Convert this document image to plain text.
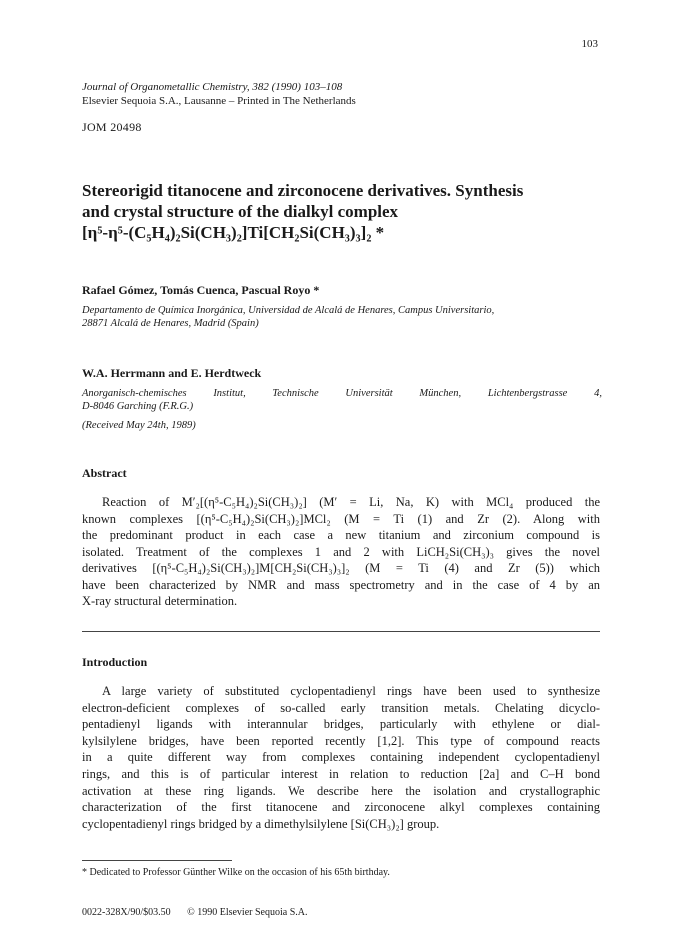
103
Journal of Organometallic Chemistry, 382 (1990) 103–108
Elsevier Sequoia S.A., Lausanne – Printed in The Netherlands
JOM 20498
Stereorigid titanocene and zirconocene derivatives. Synthesis
and crystal structure of the dialkyl complex
[η⁵-η⁵-(C₅H₄)₂Si(CH₃)₂]Ti[CH₂Si(CH₃)₃]₂ *
Rafael Gómez, Tomás Cuenca, Pascual Royo *
Departamento de Química Inorgánica, Universidad de Alcalá de Henares, Campus Universitario,
28871 Alcalá de Henares, Madrid (Spain)
W.A. Herrmann and E. Herdtweck
Anorganisch-chemisches	Institut,	Technische	Universität	München,	Lichtenbergstrasse	4,
D-8046 Garching (F.R.G.)
(Received May 24th, 1989)
Abstract
Reaction of M′₂[(η⁵-C₅H₄)₂Si(CH₃)₂] (M′ = Li, Na, K) with MCl₄ produced the
known complexes [(η⁵-C₅H₄)₂Si(CH₃)₂]MCl₂ (M = Ti (1) and Zr (2). Along with
the predominant product in each case a new titanium and zirconium compound is
isolated. Treatment of the complexes 1 and 2 with LiCH₂Si(CH₃)₃ gives the novel
derivatives [(η⁵-C₅H₄)₂Si(CH₃)₂]M[CH₂Si(CH₃)₃]₂ (M = Ti (4) and Zr (5)) which
have been characterized by NMR and mass spectrometry and in the case of 4 by an
X-ray structural determination.
Introduction
A large variety of substituted cyclopentadienyl rings have been used to synthesize
electron-deficient complexes of so-called early transition metals. Chelating dicyclo-
pentadienyl ligands with interannular bridges, particularly with ethylene or dial-
kylsilylene bridges, have been reported recently [1,2]. This type of compound reacts
in a quite different way from complexes containing independent cyclopentadienyl
rings, and this is of particular interest in relation to reduction [2a] and C–H bond
activation at these ring ligands. We describe here the isolation and crystallographic
characterization of the first titanocene and zirconocene alkyl complexes containing
cyclopentadienyl rings bridged by a dimethylsilylene [Si(CH₃)₂] group.
* Dedicated to Professor Günther Wilke on the occasion of his 65th birthday.
0022-328X/90/$03.50 © 1990 Elsevier Sequoia S.A.
